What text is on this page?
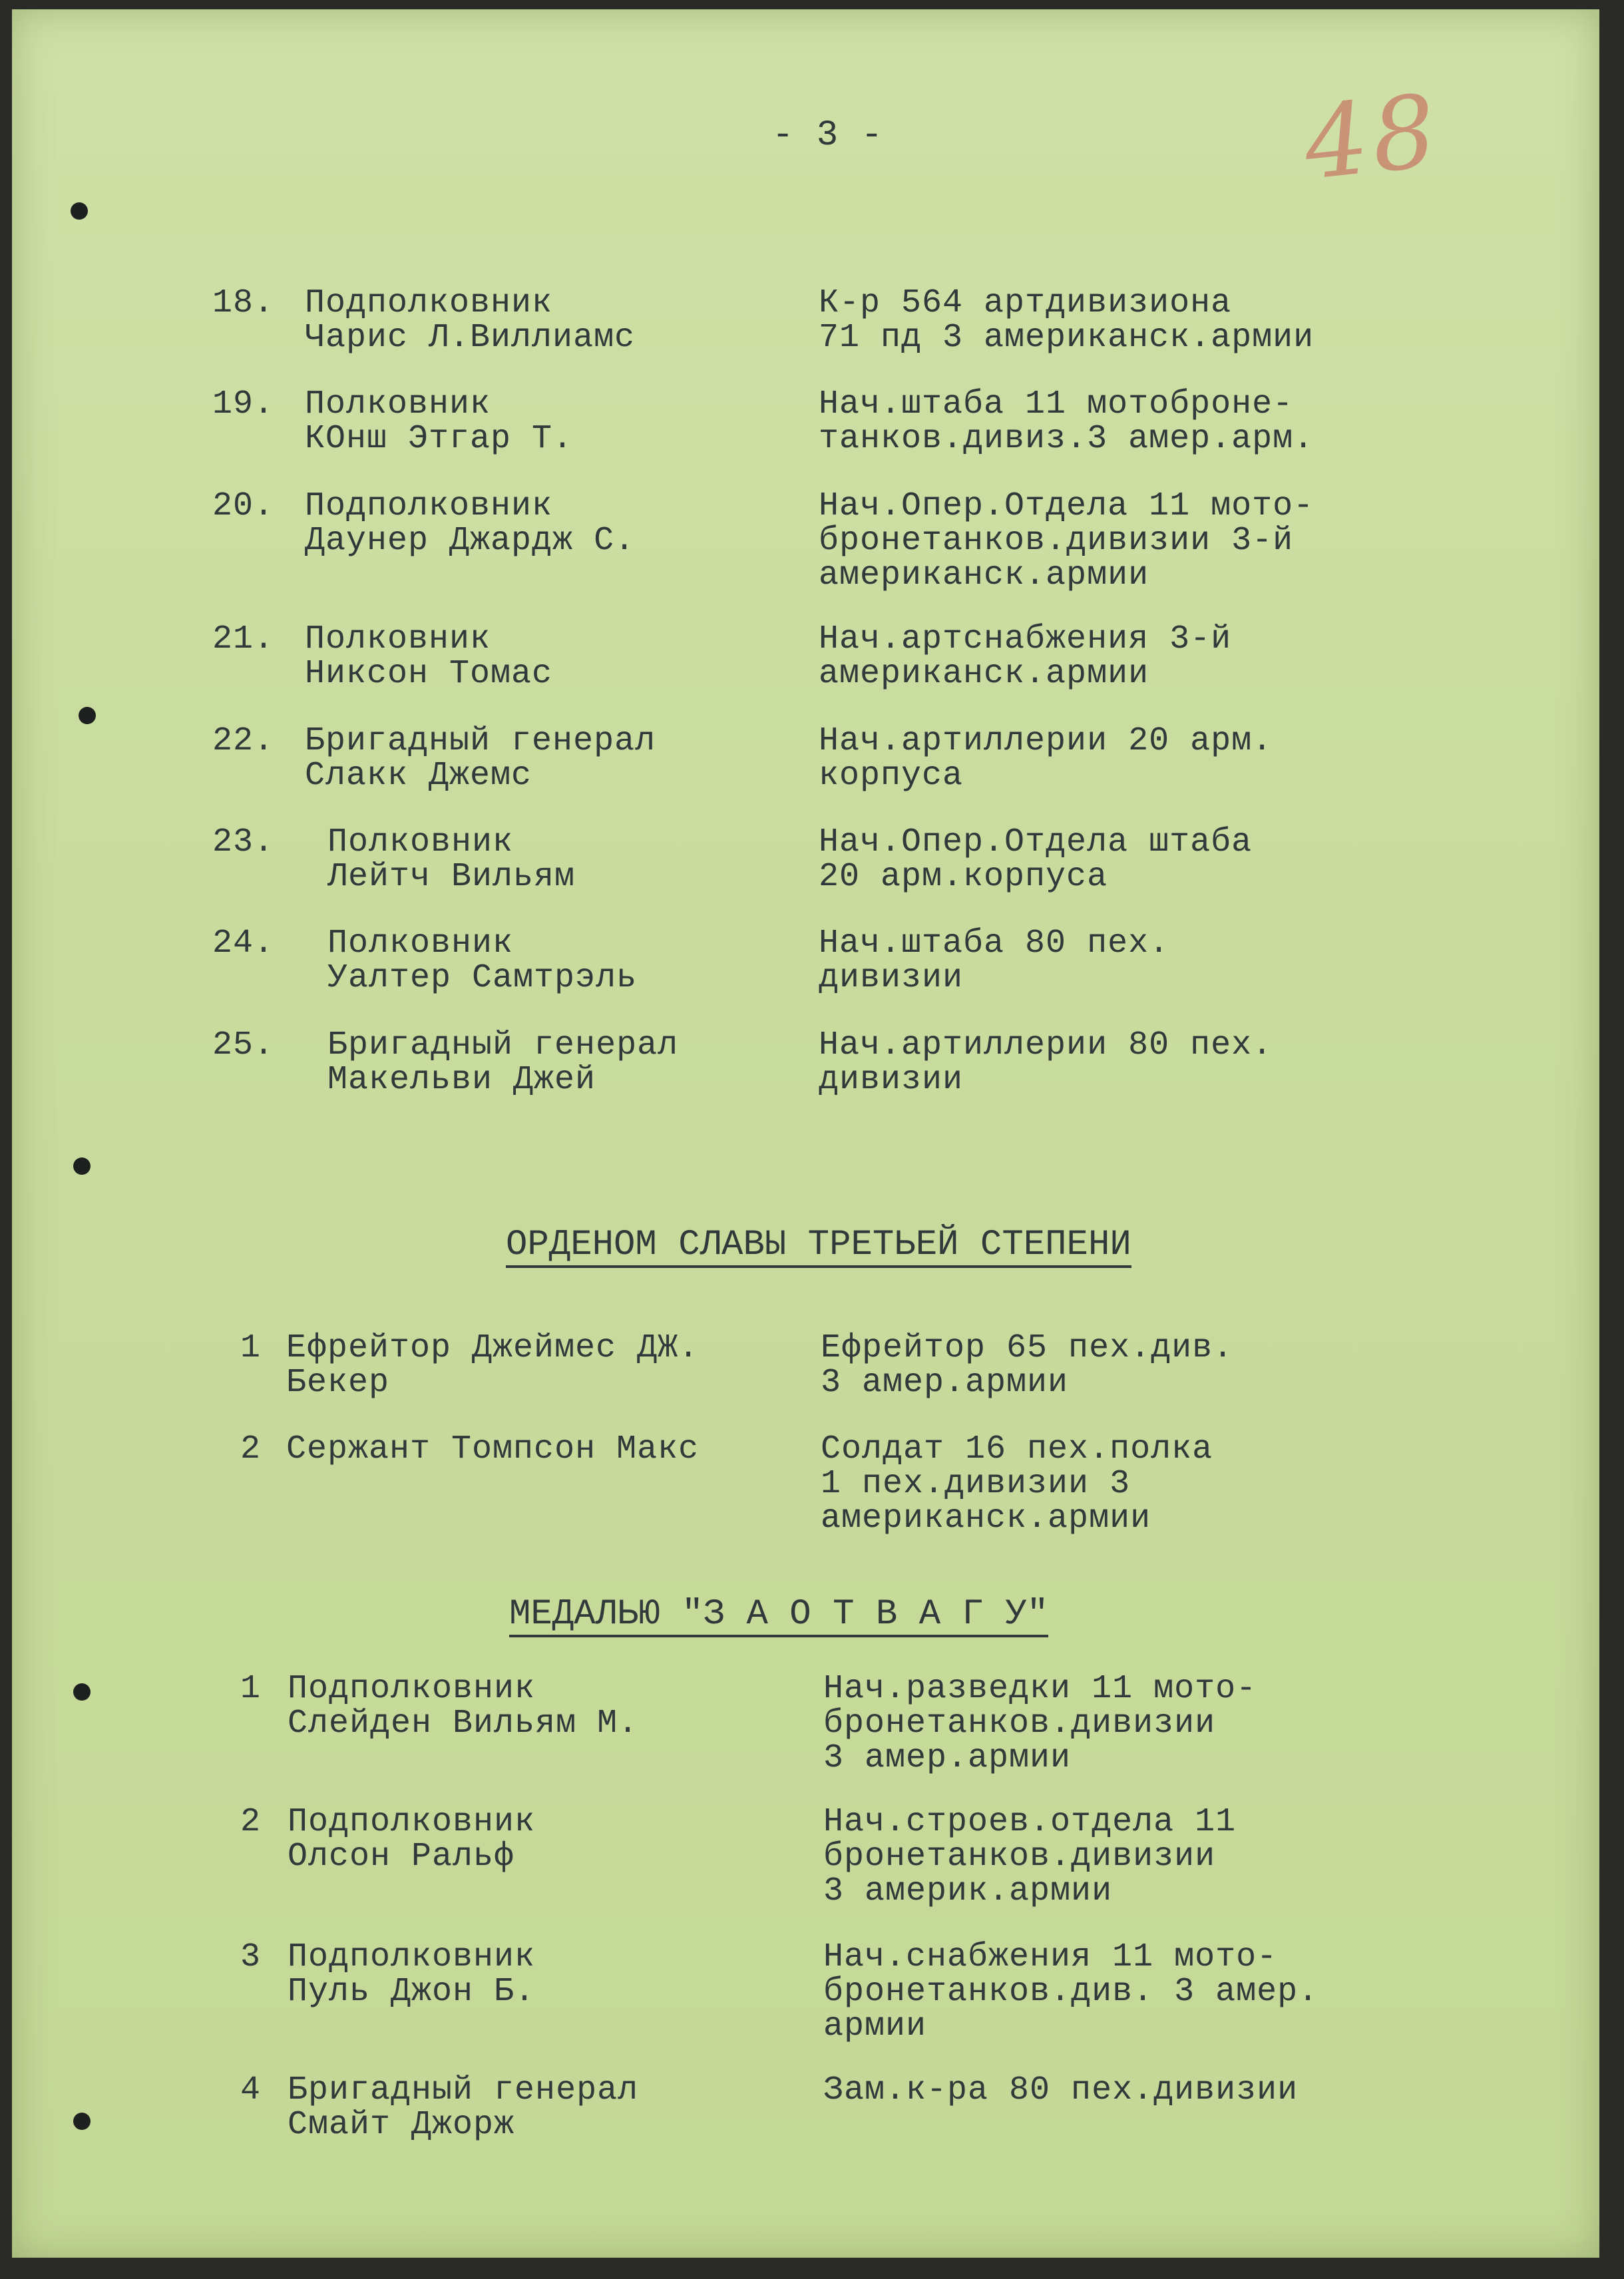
- 3 -	48
18. Подполковник
Чарис Л.Виллиамс
К-р 564 артдивизиона
71 пд 3 американск.армии
19. Полковник
КОнш Этгар Т.
Нач.штаба 11 мотоброне-
танков.дивиз.3 амер.арм.
20. Подполковник
Даунер Джардж С.
Нач.Опер.Отдела 11 мото-
бронетанков.дивизии 3-й
американск.армии
21. Полковник
Никсон Томас
Нач.артснабжения 3-й
американск.армии
22. Бригадный генерал
Слакк Джемс
Нач.артиллерии 20 арм.
корпуса
23. Полковник
Лейтч Вильям
Нач.Опер.Отдела штаба
20 арм.корпуса
24. Полковник
Уалтер Самтрэль
Нач.штаба 80 пех.
дивизии
25. Бригадный генерал
Макельви Джей
Нач.артиллерии 80 пех.
дивизии
ОРДЕНОМ СЛАВЫ ТРЕТЬЕЙ СТЕПЕНИ
1 Ефрейтор Джеймес ДЖ.
Бекер
Ефрейтор 65 пех.див.
3 амер.армии
2 Сержант Томпсон Макс	Солдат 16 пех.полка
1 пех.дивизии 3
американск.армии
МЕДАЛЬЮ "З А О Т В А Г У"
1 Подполковник
Слейден Вильям М.
Нач.разведки 11 мото-
бронетанков.дивизии
3 амер.армии
2 Подполковник
Олсон Ральф
Нач.строев.отдела 11
бронетанков.дивизии
3 америк.армии
3 Подполковник
Пуль Джон Б.
Нач.снабжения 11 мото-
бронетанков.див. 3 амер.
армии
4 Бригадный генерал
Смайт Джорж
Зам.к-ра 80 пех.дивизии
